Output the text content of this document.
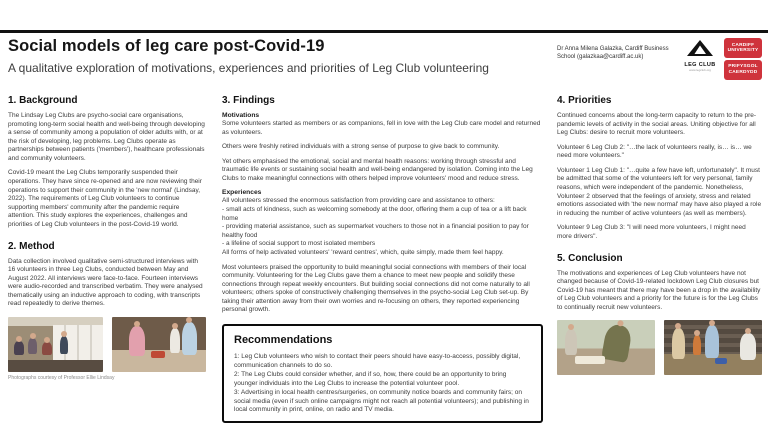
Social models of leg care post-Covid-19
A qualitative exploration of motivations, experiences and priorities of Leg Club volunteering
Dr Anna Milena Galazka, Cardiff Business
School (galazkaa@cardiff.ac.uk)
LEG CLUB
www.legclub.org
CARDIFF
UNIVERSITY
PRIFYSGOL
CAERDYDD
1. Background

The Lindsay Leg Clubs are psycho-social care organisations, promoting long-term social health and well-being through developing a sense of community among a population of older adults with, or at the risk of developing, leg problems. Leg Clubs operate as partnerships between patients ('members'), healthcare professionals and community volunteers.

Covid-19 meant the Leg Clubs temporarily suspended their operations. They have since re-opened and are now reviewing their operations to support their community in the 'new normal' (Lindsay, 2022). The requirements of Leg Club volunteers to continue supporting members' community after the pandemic require attention. This study explores the experiences, challenges and priorities of Leg Club volunteers in the post-Covid-19 world.

2. Method

Data collection involved qualitative semi-structured interviews with 16 volunteers in three Leg Clubs, conducted between May and August 2022. All interviews were face-to-face. Fourteen interviews were audio-recorded and transcribed verbatim. They were analysed thematically using an inductive approach to coding, with transcripts read repeatedly to derive themes.

Photographs courtesy of Professor Ellie Lindsay
3. Findings
Motivations

Some volunteers started as members or as companions, fell in love with the Leg Club care model and returned as volunteers.

Others were freshly retired individuals with a strong sense of purpose to give back to community.

Yet others emphasised the emotional, social and mental health reasons: working through stressful and traumatic life events or sustaining social health and well-being endangered by isolation. Coming into the Leg Clubs to make meaningful connections with others helped improve volunteers' mood and reduce stress.

Experiences

All volunteers stressed the enormous satisfaction from providing care and assistance to others:

- small acts of kindness, such as welcoming somebody at the door, offering them a cup of tea or a lift back home

- providing material assistance, such as supermarket vouchers to those not in a financial position to pay for healthy food

- a lifeline of social support to most isolated members

All forms of help activated volunteers' 'reward centres', which, quite simply, made them feel happy.

Most volunteers praised the opportunity to build meaningful social connections with members of their local community. Volunteering for the Leg Clubs gave them a chance to meet new people and solidify these connections through repeat weekly encounters. But building social connections did not come naturally to all volunteers; others spoke of constructively challenging themselves in the psycho-social Leg Club set-up. By taking their attention away from their own worries and re-focusing on others, they reported experiencing personal growth.

Recommendations

1: Leg Club volunteers who wish to contact their peers should have easy-to-access, possibly digital, communication channels to do so.

2: The Leg Clubs could consider whether, and if so, how, there could be an opportunity to bring younger individuals into the Leg Clubs to increase the potential volunteer pool.

3: Advertising in local health centres/surgeries, on community notice boards and community fairs; on social media (even if such online campaigns might not reach all potential volunteers); and publishing in local community in print, online, on radio and TV media.

4. Priorities

Continued concerns about the long-term capacity to return to the pre-pandemic levels of activity in the social areas. Uniting objective for all Leg Clubs: desire to recruit more volunteers.

Volunteer 6 Leg Club 2: "…the lack of volunteers really, is… is… we need more volunteers."

Volunteer 1 Leg Club 1: "…quite a few have left, unfortunately". It must be admitted that some of the volunteers left for very personal, family reasons, which were independent of the pandemic. Nonetheless, Volunteer 2 observed that the feelings of anxiety, stress and related emotions associated with 'the new normal' may have also played a role in reducing the number of active volunteers (as well as members).

Volunteer 9 Leg Club 3: "I will need more volunteers, I might need more drivers".

5. Conclusion

The motivations and experiences of Leg Club volunteers have not changed because of Covid-19-related lockdown Leg Club closures but Covid-19 has meant that there may have been a drop in the availability of Leg Club volunteers and a priority for the future is for the Leg Clubs to continually recruit new volunteers.
